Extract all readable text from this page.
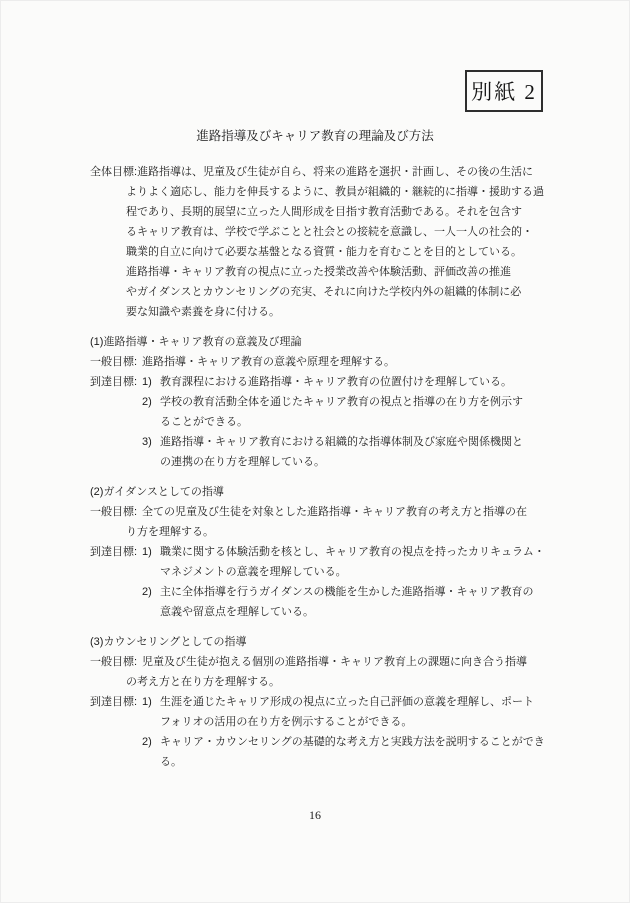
別紙 2
進路指導及びキャリア教育の理論及び方法
全体目標:進路指導は、児童及び生徒が自ら、将来の進路を選択・計画し、その後の生活に
よりよく適応し、能力を伸長するように、教員が組織的・継続的に指導・援助する過
程であり、長期的展望に立った人間形成を目指す教育活動である。それを包含す
るキャリア教育は、学校で学ぶことと社会との接続を意識し、一人一人の社会的・
職業的自立に向けて必要な基盤となる資質・能力を育むことを目的としている。
進路指導・キャリア教育の視点に立った授業改善や体験活動、評価改善の推進
やガイダンスとカウンセリングの充実、それに向けた学校内外の組織的体制に必
要な知識や素養を身に付ける。
(1)進路指導・キャリア教育の意義及び理論
一般目標: 進路指導・キャリア教育の意義や原理を理解する。
到達目標: 1) 教育課程における進路指導・キャリア教育の位置付けを理解している。
2) 学校の教育活動全体を通じたキャリア教育の視点と指導の在り方を例示す
ることができる。
3) 進路指導・キャリア教育における組織的な指導体制及び家庭や関係機関と
の連携の在り方を理解している。
(2)ガイダンスとしての指導
一般目標: 全ての児童及び生徒を対象とした進路指導・キャリア教育の考え方と指導の在
り方を理解する。
到達目標: 1) 職業に関する体験活動を核とし、キャリア教育の視点を持ったカリキュラム・
マネジメントの意義を理解している。
2) 主に全体指導を行うガイダンスの機能を生かした進路指導・キャリア教育の
意義や留意点を理解している。
(3)カウンセリングとしての指導
一般目標: 児童及び生徒が抱える個別の進路指導・キャリア教育上の課題に向き合う指導
の考え方と在り方を理解する。
到達目標: 1) 生涯を通じたキャリア形成の視点に立った自己評価の意義を理解し、ポート
フォリオの活用の在り方を例示することができる。
2) キャリア・カウンセリングの基礎的な考え方と実践方法を説明することができ
る。
16
